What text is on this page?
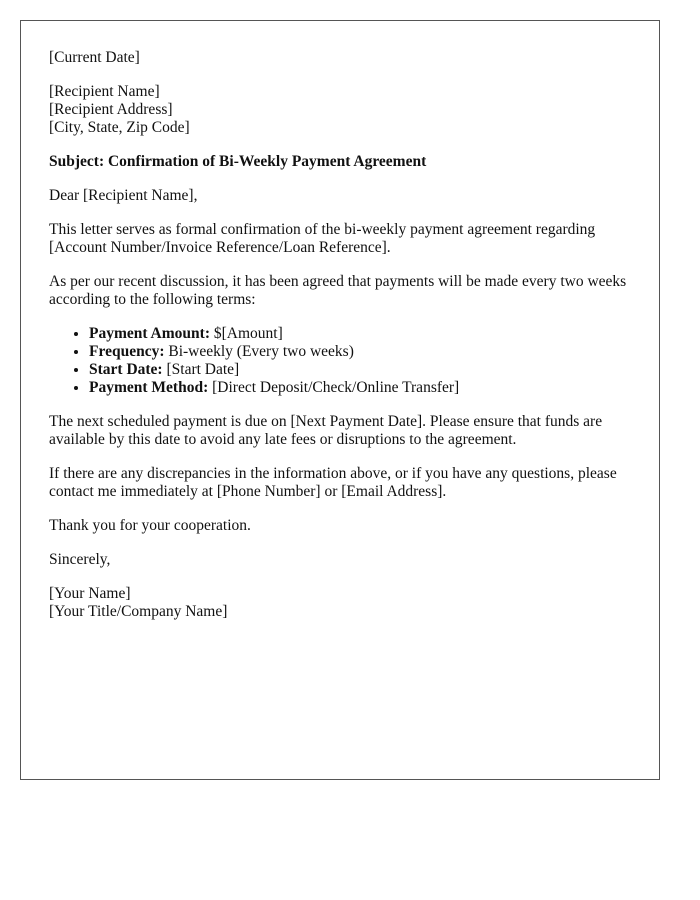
[Current Date]
[Recipient Name]
[Recipient Address]
[City, State, Zip Code]

Subject: Confirmation of Bi-Weekly Payment Agreement

Dear [Recipient Name],

This letter serves as formal confirmation of the bi-weekly payment agreement regarding [Account Number/Invoice Reference/Loan Reference].

As per our recent discussion, it has been agreed that payments will be made every two weeks according to the following terms:

• Payment Amount: $[Amount]
• Frequency: Bi-weekly (Every two weeks)
• Start Date: [Start Date]
• Payment Method: [Direct Deposit/Check/Online Transfer]

The next scheduled payment is due on [Next Payment Date]. Please ensure that funds are available by this date to avoid any late fees or disruptions to the agreement.

If there are any discrepancies in the information above, or if you have any questions, please contact me immediately at [Phone Number] or [Email Address].

Thank you for your cooperation.

Sincerely,

[Your Name]
[Your Title/Company Name]
